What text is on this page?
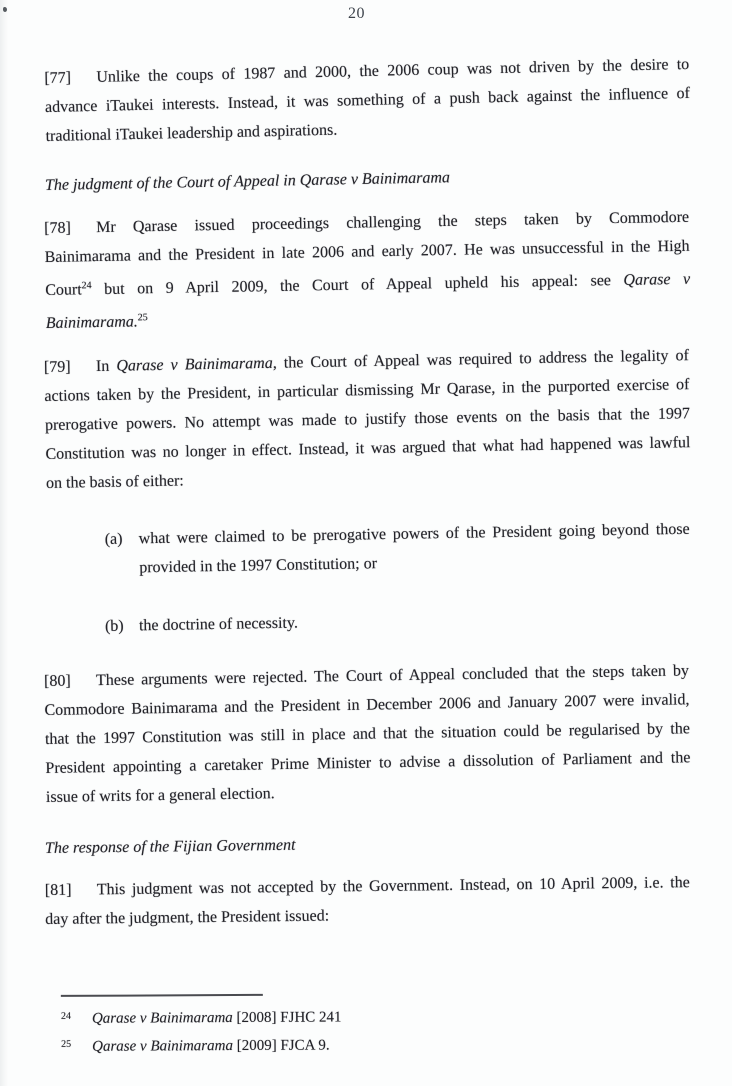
20
[77] Unlike the coups of 1987 and 2000, the 2006 coup was not driven by the desire to
advance iTaukei interests. Instead, it was something of a push back against the influence of
traditional iTaukei leadership and aspirations.
The judgment of the Court of Appeal in Qarase v Bainimarama
[78] Mr Qarase issued proceedings challenging the steps taken by Commodore
Bainimarama and the President in late 2006 and early 2007. He was unsuccessful in the High
Court$^{24}$ but on 9 April 2009, the Court of Appeal upheld his appeal: see Qarase v
Bainimarama.$^{25}$
[79] In Qarase v Bainimarama, the Court of Appeal was required to address the legality of
actions taken by the President, in particular dismissing Mr Qarase, in the purported exercise of
prerogative powers. No attempt was made to justify those events on the basis that the 1997
Constitution was no longer in effect. Instead, it was argued that what had happened was lawful
on the basis of either:
(a) what were claimed to be prerogative powers of the President going beyond those
provided in the 1997 Constitution; or
(b) the doctrine of necessity.
[80] These arguments were rejected. The Court of Appeal concluded that the steps taken by
Commodore Bainimarama and the President in December 2006 and January 2007 were invalid,
that the 1997 Constitution was still in place and that the situation could be regularised by the
President appointing a caretaker Prime Minister to advise a dissolution of Parliament and the
issue of writs for a general election.
The response of the Fijian Government
[81] This judgment was not accepted by the Government. Instead, on 10 April 2009, i.e. the
day after the judgment, the President issued:
24 Qarase v Bainimarama [2008] FJHC 241
25 Qarase v Bainimarama [2009] FJCA 9.
